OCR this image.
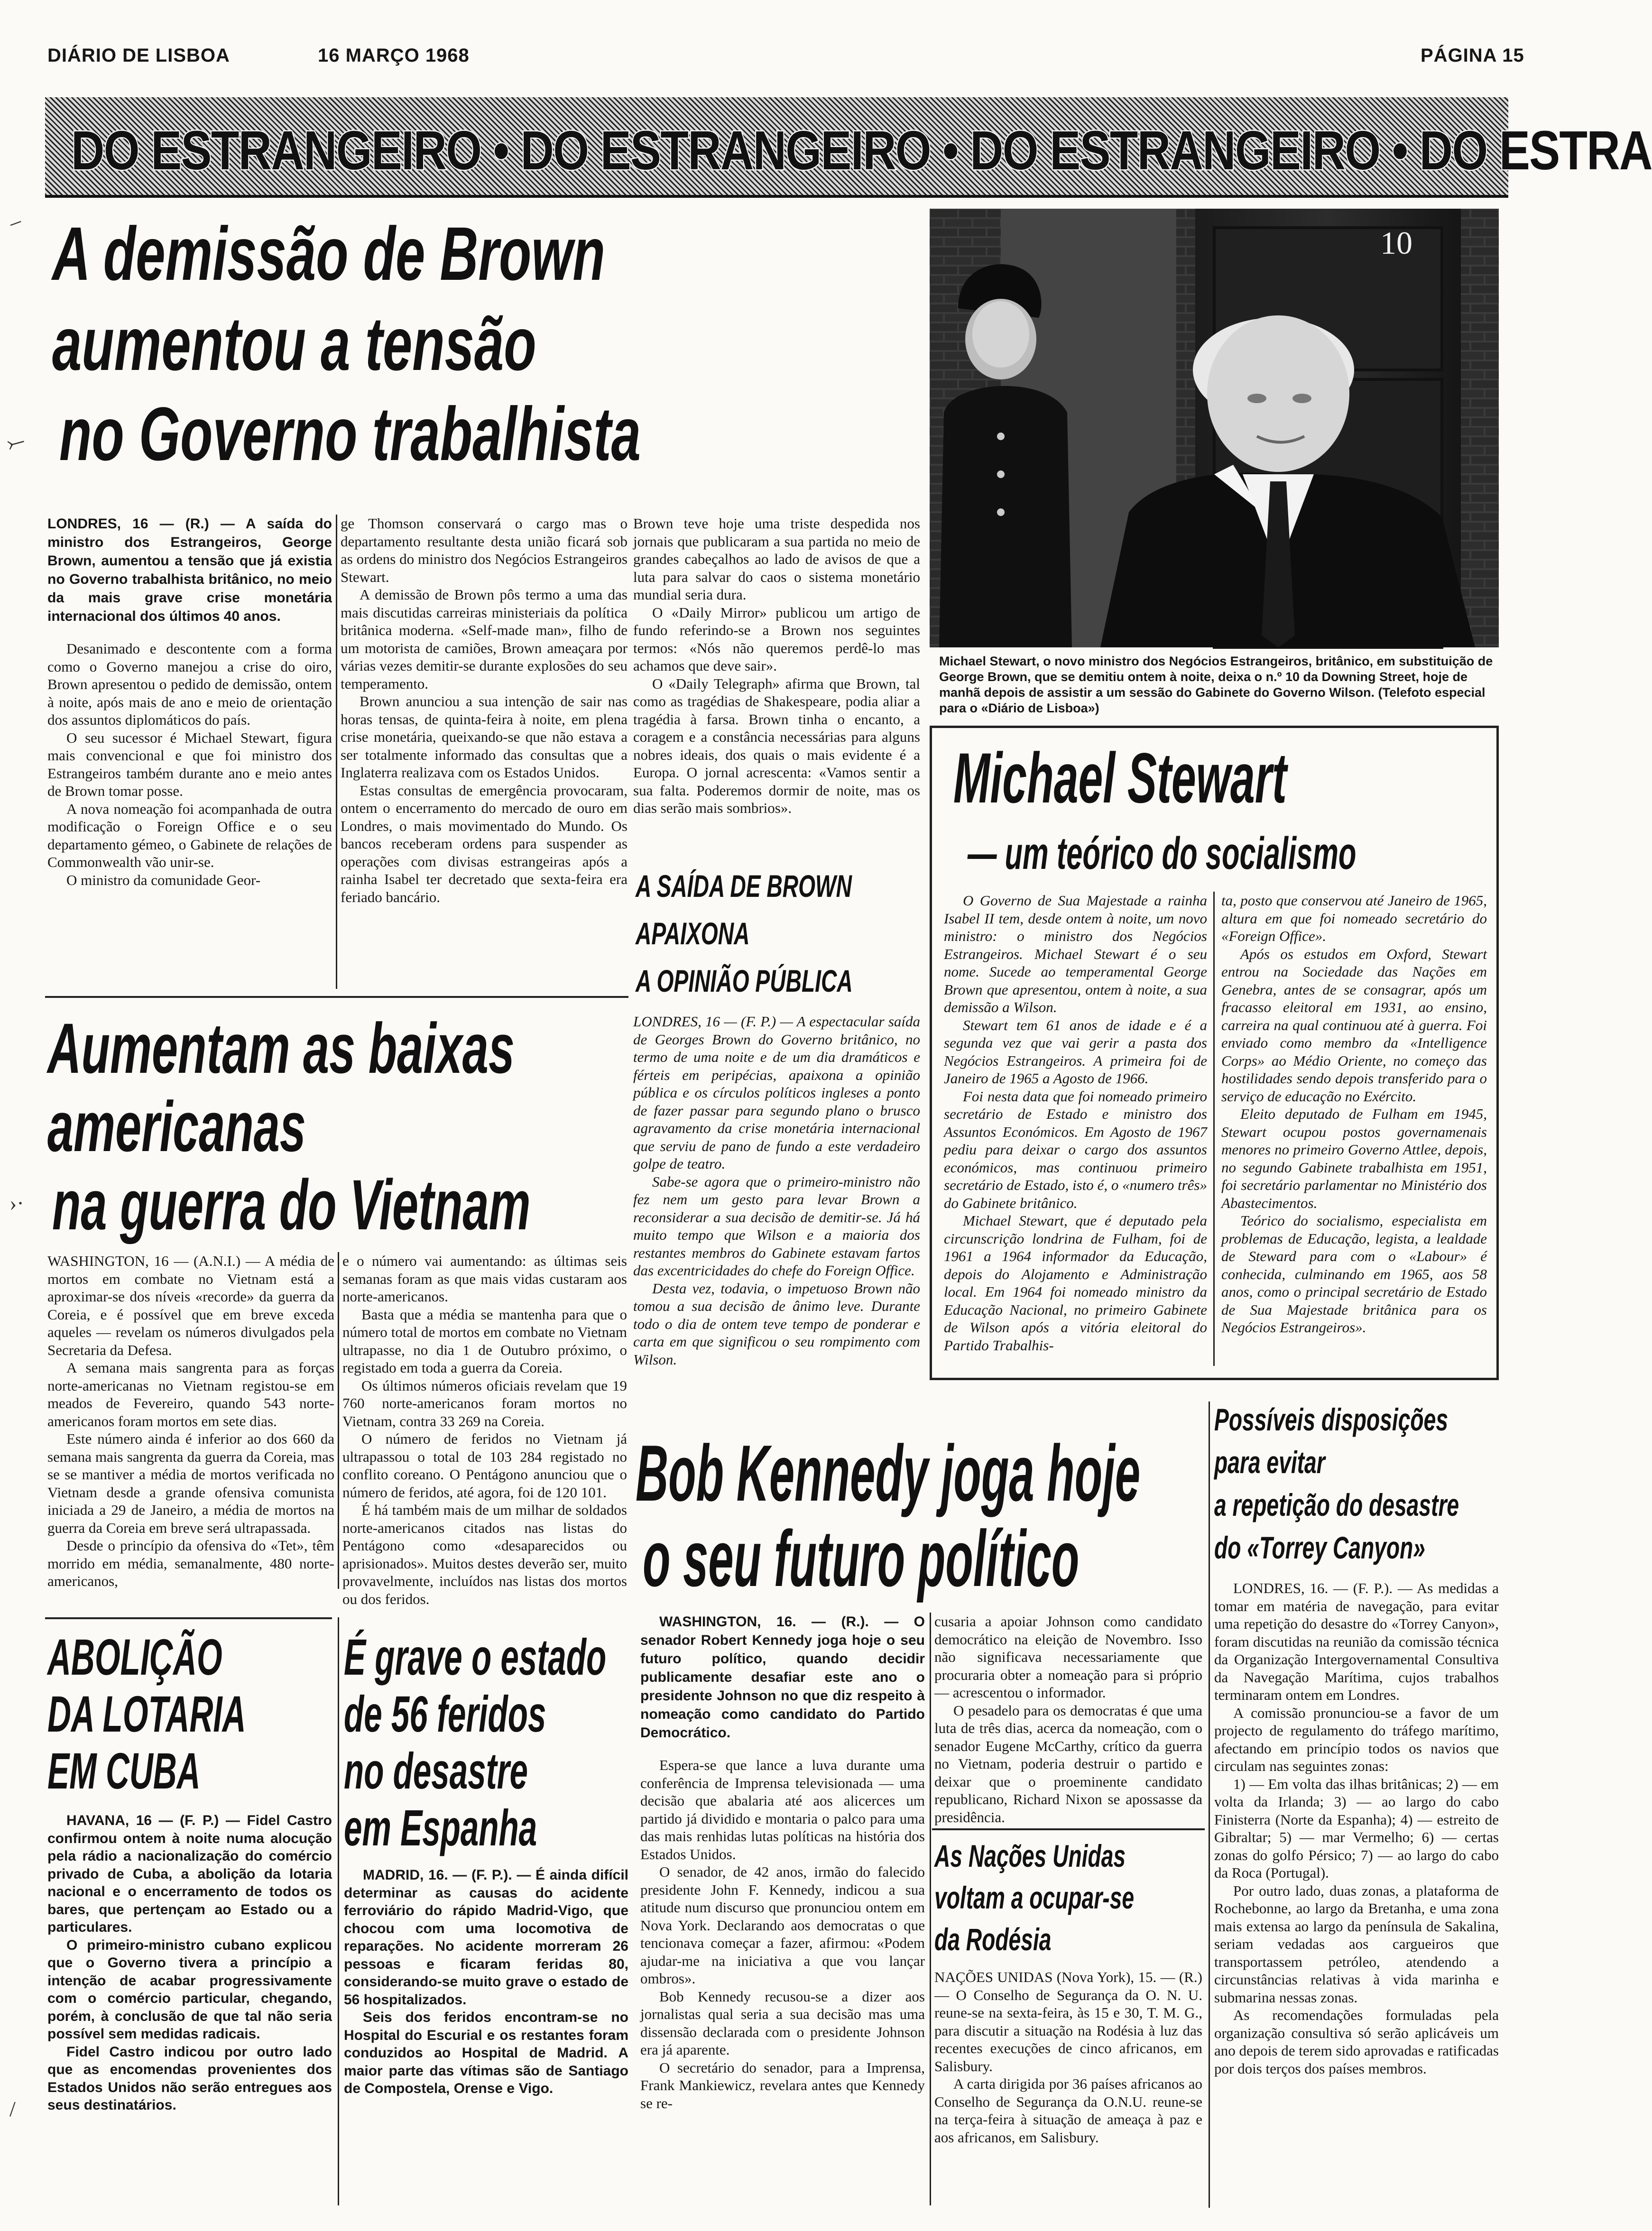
DIÁRIO DE LISBOA	16 MARÇO 1968	PÁGINA 15
DO ESTRANGEIRO • DO ESTRANGEIRO • DO ESTRANGEIRO • DO ESTRA
A demissão de Brown
aumentou a tensão
no Governo trabalhista

LONDRES, 16 — (R.) — A saída do ministro dos Estrangeiros, George Brown, aumentou a tensão que já existia no Governo trabalhista britânico, no meio da mais grave crise monetária internacional dos últimos 40 anos.

Desanimado e descontente com a forma como o Governo manejou a crise do oiro, Brown apresentou o pedido de demissão, ontem à noite, após mais de ano e meio de orientação dos assuntos diplomáticos do país.

O seu sucessor é Michael Stewart, figura mais convencional e que foi ministro dos Estrangeiros também durante ano e meio antes de Brown tomar posse.

A nova nomeação foi acompanhada de outra modificação o Foreign Office e o seu departamento gémeo, o Gabinete de relações de Commonwealth vão unir-se.

O ministro da comunidade Geor-

ge Thomson conservará o cargo mas o departamento resultante desta união ficará sob as ordens do ministro dos Negócios Estrangeiros Stewart.

A demissão de Brown pôs termo a uma das mais discutidas carreiras ministeriais da política britânica moderna. «Self-made man», filho de um motorista de camiões, Brown ameaçara por várias vezes demitir-se durante explosões do seu temperamento.

Brown anunciou a sua intenção de sair nas horas tensas, de quinta-feira à noite, em plena crise monetária, queixando-se que não estava a ser totalmente informado das consultas que a Inglaterra realizava com os Estados Unidos.

Estas consultas de emergência provocaram, ontem o encerramento do mercado de ouro em Londres, o mais movimentado do Mundo. Os bancos receberam ordens para suspender as operações com divisas estrangeiras após a rainha Isabel ter decretado que sexta-feira era feriado bancário.

Brown teve hoje uma triste despedida nos jornais que publicaram a sua partida no meio de grandes cabeçalhos ao lado de avisos de que a luta para salvar do caos o sistema monetário mundial seria dura.

O «Daily Mirror» publicou um artigo de fundo referindo-se a Brown nos seguintes termos: «Nós não queremos perdê-lo mas achamos que deve sair».

O «Daily Telegraph» afirma que Brown, tal como as tragédias de Shakespeare, podia aliar a tragédia à farsa. Brown tinha o encanto, a coragem e a constância necessárias para alguns nobres ideais, dos quais o mais evidente é a Europa. O jornal acrescenta: «Vamos sentir a sua falta. Poderemos dormir de noite, mas os dias serão mais sombrios».

A SAÍDA DE BROWN
APAIXONA
A OPINIÃO PÚBLICA

LONDRES, 16 — (F. P.) — A espectacular saída de Georges Brown do Governo britânico, no termo de uma noite e de um dia dramáticos e férteis em peripécias, apaixona a opinião pública e os círculos políticos ingleses a ponto de fazer passar para segundo plano o brusco agravamento da crise monetária internacional que serviu de pano de fundo a este verdadeiro golpe de teatro.

Sabe-se agora que o primeiro-ministro não fez nem um gesto para levar Brown a reconsiderar a sua decisão de demitir-se. Já há muito tempo que Wilson e a maioria dos restantes membros do Gabinete estavam fartos das excentricidades do chefe do Foreign Office.

Desta vez, todavia, o impetuoso Brown não tomou a sua decisão de ânimo leve. Durante todo o dia de ontem teve tempo de ponderar e carta em que significou o seu rompimento com Wilson.

10
Michael Stewart, o novo ministro dos Negócios Estrangeiros, britânico, em substituição de George Brown, que se demitiu ontem à noite, deixa o n.º 10 da Downing Street, hoje de manhã depois de assistir a um sessão do Gabinete do Governo Wilson. (Telefoto especial para o «Diário de Lisboa»)
Michael Stewart
— um teórico do socialismo

O Governo de Sua Majestade a rainha Isabel II tem, desde ontem à noite, um novo ministro: o ministro dos Negócios Estrangeiros. Michael Stewart é o seu nome. Sucede ao temperamental George Brown que apresentou, ontem à noite, a sua demissão a Wilson.

Stewart tem 61 anos de idade e é a segunda vez que vai gerir a pasta dos Negócios Estrangeiros. A primeira foi de Janeiro de 1965 a Agosto de 1966.

Foi nesta data que foi nomeado primeiro secretário de Estado e ministro dos Assuntos Económicos. Em Agosto de 1967 pediu para deixar o cargo dos assuntos económicos, mas continuou primeiro secretário de Estado, isto é, o «numero três» do Gabinete britânico.

Michael Stewart, que é deputado pela circunscrição londrina de Fulham, foi de 1961 a 1964 informador da Educação, depois do Alojamento e Administração local. Em 1964 foi nomeado ministro da Educação Nacional, no primeiro Gabinete de Wilson após a vitória eleitoral do Partido Trabalhis-

ta, posto que conservou até Janeiro de 1965, altura em que foi nomeado secretário do «Foreign Office».

Após os estudos em Oxford, Stewart entrou na Sociedade das Nações em Genebra, antes de se consagrar, após um fracasso eleitoral em 1931, ao ensino, carreira na qual continuou até à guerra. Foi enviado como membro da «Intelligence Corps» ao Médio Oriente, no começo das hostilidades sendo depois transferido para o serviço de educação no Exército.

Eleito deputado de Fulham em 1945, Stewart ocupou postos governamenais menores no primeiro Governo Attlee, depois, no segundo Gabinete trabalhista em 1951, foi secretário parlamentar no Ministério dos Abastecimentos.

Teórico do socialismo, especialista em problemas de Educação, legista, a lealdade de Steward para com o «Labour» é conhecida, culminando em 1965, aos 58 anos, como o principal secretário de Estado de Sua Majestade britânica para os Negócios Estrangeiros».

Aumentam as baixas
americanas
na guerra do Vietnam

WASHINGTON, 16 — (A.N.I.) — A média de mortos em combate no Vietnam está a aproximar-se dos níveis «recorde» da guerra da Coreia, e é possível que em breve exceda aqueles — revelam os números divulgados pela Secretaria da Defesa.

A semana mais sangrenta para as forças norte-americanas no Vietnam registou-se em meados de Fevereiro, quando 543 norte-americanos foram mortos em sete dias.

Este número ainda é inferior ao dos 660 da semana mais sangrenta da guerra da Coreia, mas se se mantiver a média de mortos verificada no Vietnam desde a grande ofensiva comunista iniciada a 29 de Janeiro, a média de mortos na guerra da Coreia em breve será ultrapassada.

Desde o princípio da ofensiva do «Tet», têm morrido em média, semanalmente, 480 norte-americanos,

e o número vai aumentando: as últimas seis semanas foram as que mais vidas custaram aos norte-americanos.

Basta que a média se mantenha para que o número total de mortos em combate no Vietnam ultrapasse, no dia 1 de Outubro próximo, o registado em toda a guerra da Coreia.

Os últimos números oficiais revelam que 19 760 norte-americanos foram mortos no Vietnam, contra 33 269 na Coreia.

O número de feridos no Vietnam já ultrapassou o total de 103 284 registado no conflito coreano. O Pentágono anunciou que o número de feridos, até agora, foi de 120 101.

É há também mais de um milhar de soldados norte-americanos citados nas listas do Pentágono como «desaparecidos ou aprisionados». Muitos destes deverão ser, muito provavelmente, incluídos nas listas dos mortos ou dos feridos.

ABOLIÇÃO
DA LOTARIA
EM CUBA

HAVANA, 16 — (F. P.) — Fidel Castro confirmou ontem à noite numa alocução pela rádio a nacionalização do comércio privado de Cuba, a abolição da lotaria nacional e o encerramento de todos os bares, que pertençam ao Estado ou a particulares.

O primeiro-ministro cubano explicou que o Governo tivera a princípio a intenção de acabar progressivamente com o comércio particular, chegando, porém, à conclusão de que tal não seria possível sem medidas radicais.

Fidel Castro indicou por outro lado que as encomendas provenientes dos Estados Unidos não serão entregues aos seus destinatários.

É grave o estado
de 56 feridos
no desastre
em Espanha

MADRID, 16. — (F. P.). — É ainda difícil determinar as causas do acidente ferroviário do rápido Madrid-Vigo, que chocou com uma locomotiva de reparações. No acidente morreram 26 pessoas e ficaram feridas 80, considerando-se muito grave o estado de 56 hospitalizados.

Seis dos feridos encontram-se no Hospital do Escurial e os restantes foram conduzidos ao Hospital de Madrid. A maior parte das vítimas são de Santiago de Compostela, Orense e Vigo.

Bob Kennedy joga hoje
o seu futuro político

WASHINGTON, 16. — (R.). — O senador Robert Kennedy joga hoje o seu futuro político, quando decidir publicamente desafiar este ano o presidente Johnson no que diz respeito à nomeação como candidato do Partido Democrático.

Espera-se que lance a luva durante uma conferência de Imprensa televisionada — uma decisão que abalaria até aos alicerces um partido já dividido e montaria o palco para uma das mais renhidas lutas políticas na história dos Estados Unidos.

O senador, de 42 anos, irmão do falecido presidente John F. Kennedy, indicou a sua atitude num discurso que pronunciou ontem em Nova York. Declarando aos democratas o que tencionava começar a fazer, afirmou: «Podem ajudar-me na iniciativa a que vou lançar ombros».

Bob Kennedy recusou-se a dizer aos jornalistas qual seria a sua decisão mas uma dissensão declarada com o presidente Johnson era já aparente.

O secretário do senador, para a Imprensa, Frank Mankiewicz, revelara antes que Kennedy se re-

cusaria a apoiar Johnson como candidato democrático na eleição de Novembro. Isso não significava necessariamente que procuraria obter a nomeação para si próprio — acrescentou o informador.

O pesadelo para os democratas é que uma luta de três dias, acerca da nomeação, com o senador Eugene McCarthy, crítico da guerra no Vietnam, poderia destruir o partido e deixar que o proeminente candidato republicano, Richard Nixon se apossasse da presidência.

As Nações Unidas
voltam a ocupar-se
da Rodésia

NAÇÕES UNIDAS (Nova York), 15. — (R.) — O Conselho de Segurança da O. N. U. reune-se na sexta-feira, às 15 e 30, T. M. G., para discutir a situação na Rodésia à luz das recentes execuções de cinco africanos, em Salisbury.

A carta dirigida por 36 países africanos ao Conselho de Segurança da O.N.U. reune-se na terça-feira à situação de ameaça à paz e aos africanos, em Salisbury.

Possíveis disposições
para evitar
a repetição do desastre
do «Torrey Canyon»

LONDRES, 16. — (F. P.). — As medidas a tomar em matéria de navegação, para evitar uma repetição do desastre do «Torrey Canyon», foram discutidas na reunião da comissão técnica da Organização Intergovernamental Consultiva da Navegação Marítima, cujos trabalhos terminaram ontem em Londres.

A comissão pronunciou-se a favor de um projecto de regulamento do tráfego marítimo, afectando em princípio todos os navios que circulam nas seguintes zonas:

1) — Em volta das ilhas britânicas; 2) — em volta da Irlanda; 3) — ao largo do cabo Finisterra (Norte da Espanha); 4) — estreito de Gibraltar; 5) — mar Vermelho; 6) — certas zonas do golfo Pérsico; 7) — ao largo do cabo da Roca (Portugal).

Por outro lado, duas zonas, a plataforma de Rochebonne, ao largo da Bretanha, e uma zona mais extensa ao largo da península de Sakalina, seriam vedadas aos cargueiros que transportassem petróleo, atendendo a circunstâncias relativas à vida marinha e submarina nessas zonas.

As recomendações formuladas pela organização consultiva só serão aplicáveis um ano depois de terem sido aprovadas e ratificadas por dois terços dos países membros.

–
⤚
›·
/
